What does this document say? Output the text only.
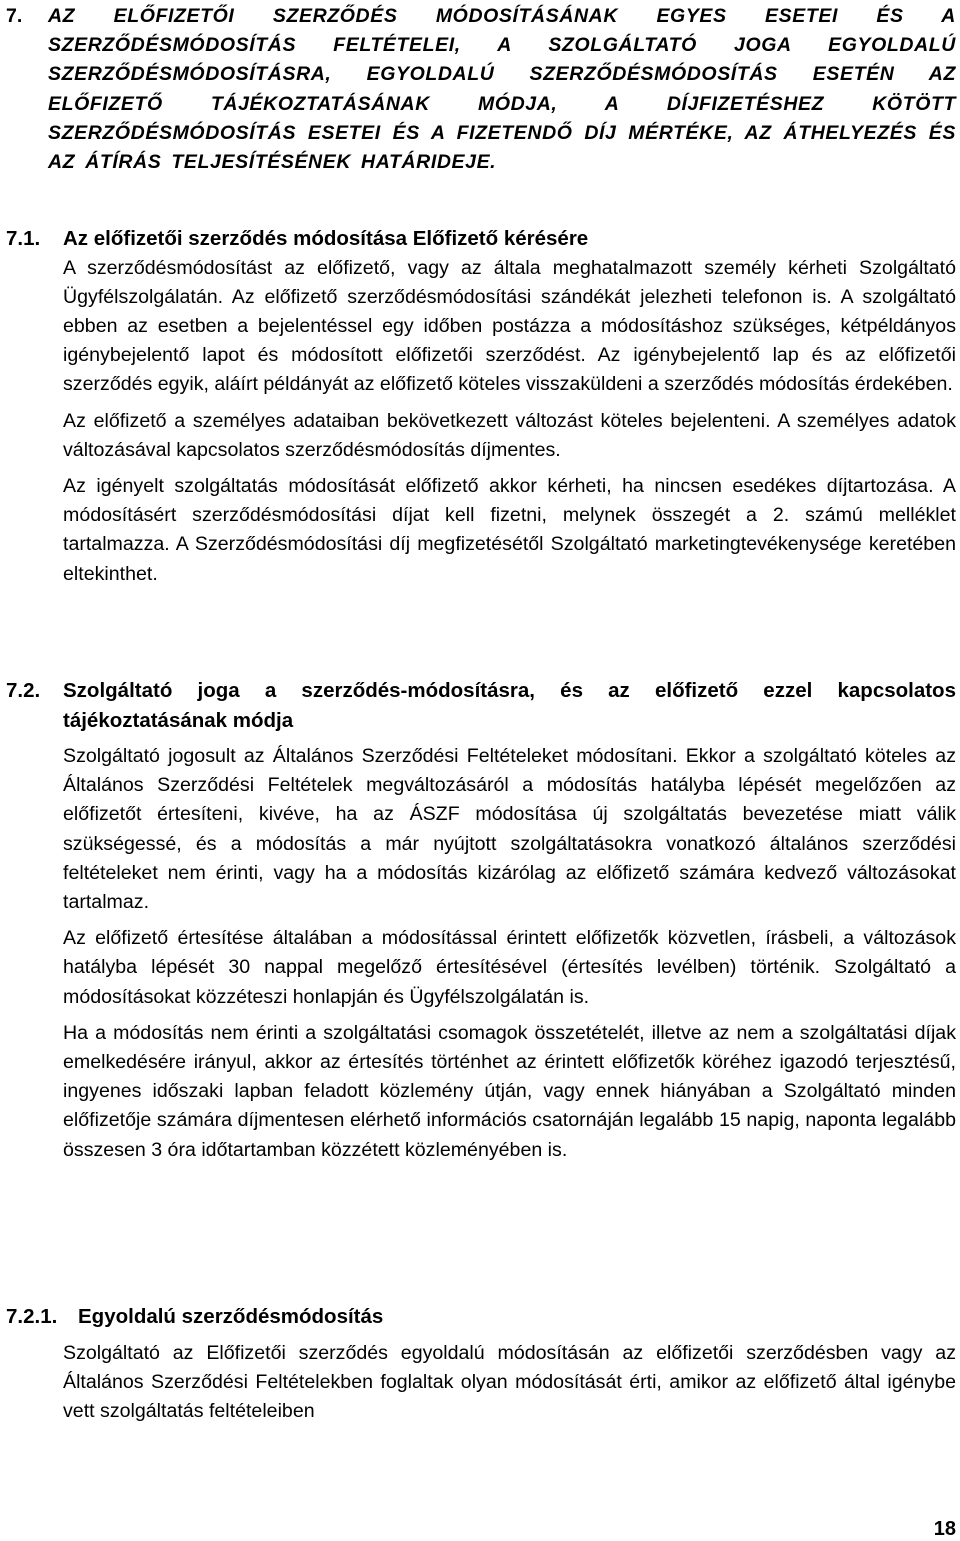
7. AZ ELŐFIZETŐI SZERZŐDÉS MÓDOSÍTÁSÁNAK EGYES ESETEI ÉS A SZERZŐDÉSMÓDOSÍTÁS FELTÉTELEI, A SZOLGÁLTATÓ JOGA EGYOLDALÚ SZERZŐDÉSMÓDOSÍTÁSRA, EGYOLDALÚ SZERZŐDÉSMÓDOSÍTÁS ESETÉN AZ ELŐFIZETŐ TÁJÉKOZTATÁSÁNAK MÓDJA, A DÍJFIZETÉSHEZ KÖTÖTT SZERZŐDÉSMÓDOSÍTÁS ESETEI ÉS A FIZETENDŐ DÍJ MÉRTÉKE, AZ ÁTHELYEZÉS ÉS AZ ÁTÍRÁS TELJESÍTÉSÉNEK HATÁRIDEJE.
7.1. Az előfizetői szerződés módosítása Előfizető kérésére
A szerződésmódosítást az előfizető, vagy az általa meghatalmazott személy kérheti Szolgáltató Ügyfélszolgálatán. Az előfizető szerződésmódosítási szándékát jelezheti telefonon is. A szolgáltató ebben az esetben a bejelentéssel egy időben postázza a módosításhoz szükséges, kétpéldányos igénybejelentő lapot és módosított előfizetői szerződést. Az igénybejelentő lap és az előfizetői szerződés egyik, aláírt példányát az előfizető köteles visszaküldeni a szerződés módosítás érdekében.
Az előfizető a személyes adataiban bekövetkezett változást köteles bejelenteni. A személyes adatok változásával kapcsolatos szerződésmódosítás díjmentes.
Az igényelt szolgáltatás módosítását előfizető akkor kérheti, ha nincsen esedékes díjtartozása. A módosításért szerződésmódosítási díjat kell fizetni, melynek összegét a 2. számú melléklet tartalmazza. A Szerződésmódosítási díj megfizetésétől Szolgáltató marketingtevékenysége keretében eltekinthet.
7.2. Szolgáltató joga a szerződés-módosításra, és az előfizető ezzel kapcsolatos tájékoztatásának módja
Szolgáltató jogosult az Általános Szerződési Feltételeket módosítani. Ekkor a szolgáltató köteles az Általános Szerződési Feltételek megváltozásáról a módosítás hatályba lépését megelőzően az előfizetőt értesíteni, kivéve, ha az ÁSZF módosítása új szolgáltatás bevezetése miatt válik szükségessé, és a módosítás a már nyújtott szolgáltatásokra vonatkozó általános szerződési feltételeket nem érinti, vagy ha a módosítás kizárólag az előfizető számára kedvező változásokat tartalmaz.
Az előfizető értesítése általában a módosítással érintett előfizetők közvetlen, írásbeli, a változások hatályba lépését 30 nappal megelőző értesítésével (értesítés levélben) történik. Szolgáltató a módosításokat közzéteszi honlapján és Ügyfélszolgálatán is.
Ha a módosítás nem érinti a szolgáltatási csomagok összetételét, illetve az nem a szolgáltatási díjak emelkedésére irányul, akkor az értesítés történhet az érintett előfizetők köréhez igazodó terjesztésű, ingyenes időszaki lapban feladott közlemény útján, vagy ennek hiányában a Szolgáltató minden előfizetője számára díjmentesen elérhető információs csatornáján legalább 15 napig, naponta legalább összesen 3 óra időtartamban közzétett közleményében is.
7.2.1. Egyoldalú szerződésmódosítás
Szolgáltató az Előfizetői szerződés egyoldalú módosításán az előfizetői szerződésben vagy az Általános Szerződési Feltételekben foglaltak olyan módosítását érti, amikor az előfizető által igénybe vett szolgáltatás feltételeiben
18
